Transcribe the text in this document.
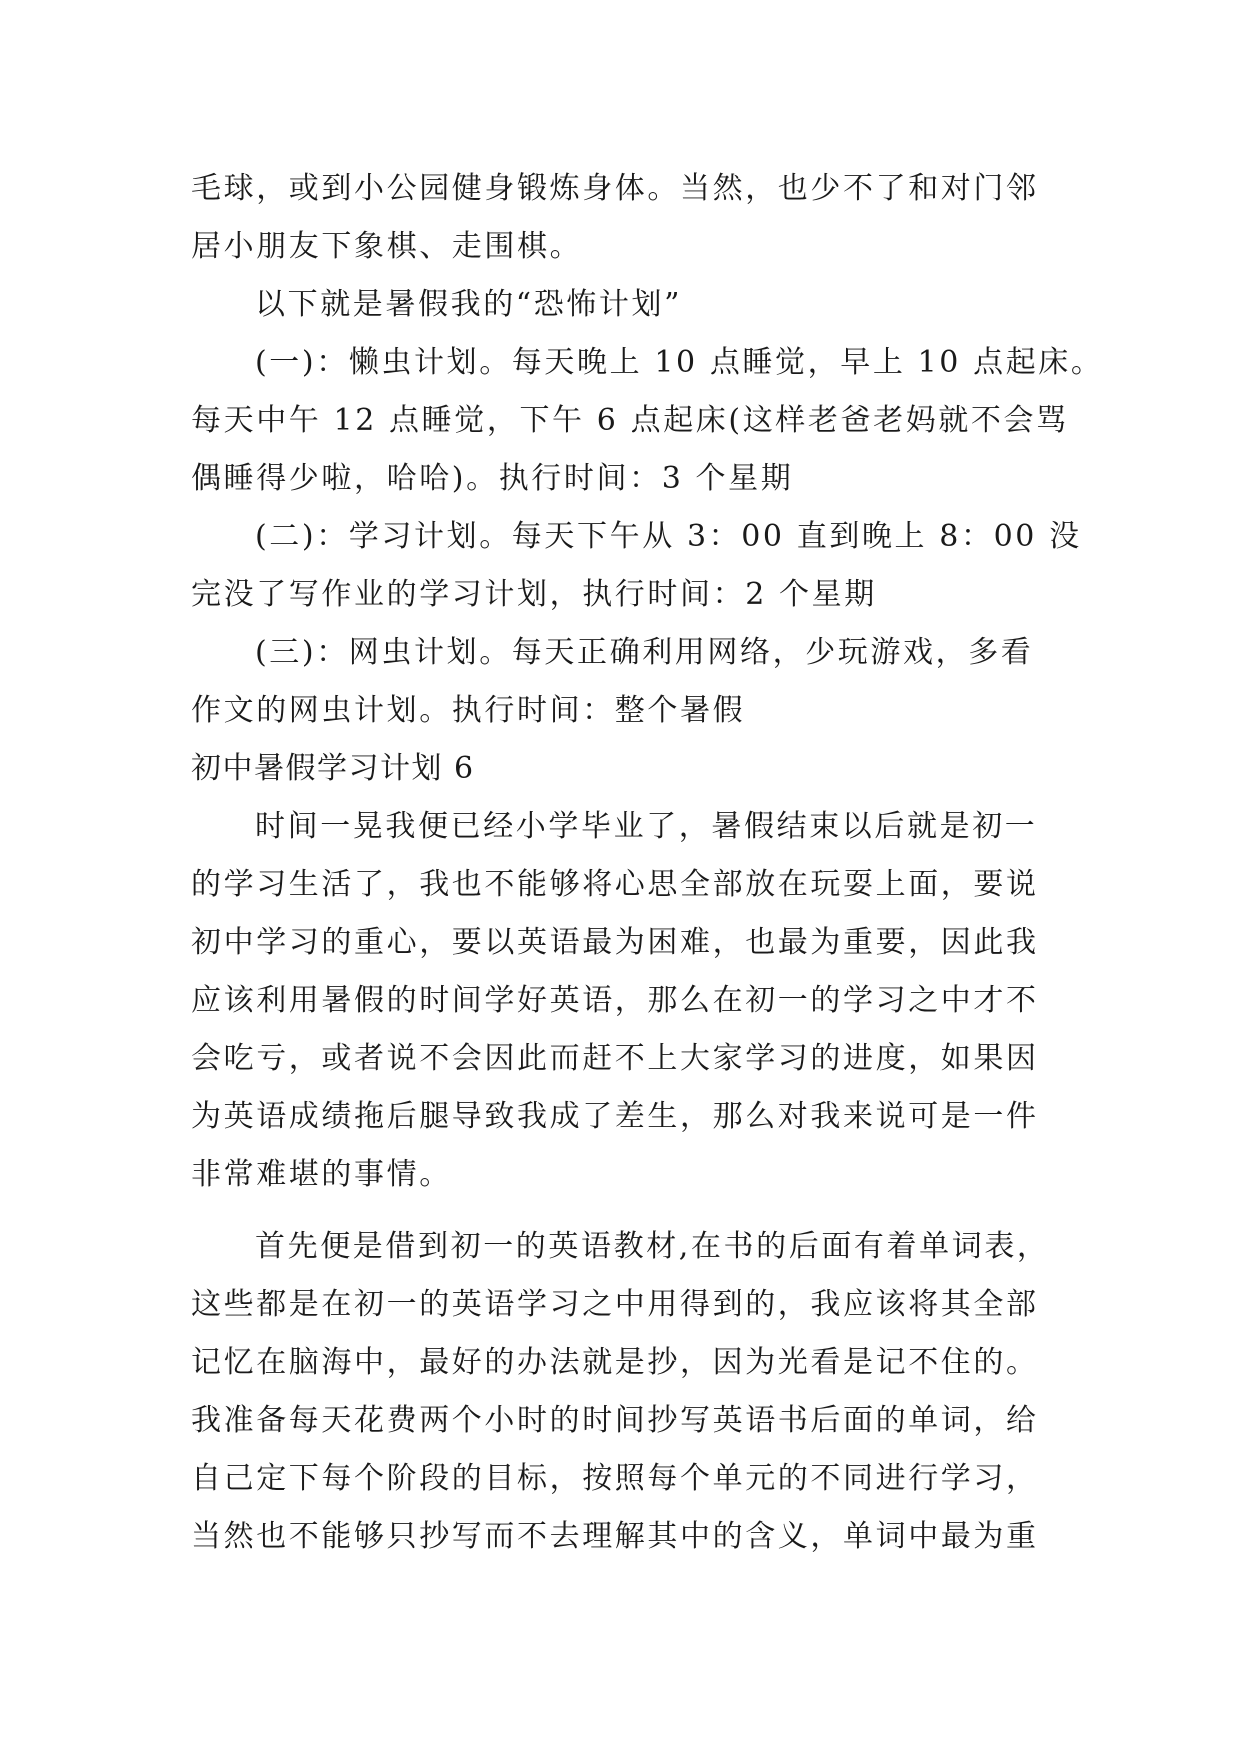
毛球，或到小公园健身锻炼身体。当然，也少不了和对门邻
居小朋友下象棋、走围棋。
以下就是暑假我的“恐怖计划”
(一)：懒虫计划。每天晚上 10 点睡觉，早上 10 点起床。
每天中午 12 点睡觉，下午 6 点起床(这样老爸老妈就不会骂
偶睡得少啦，哈哈)。执行时间：3 个星期
(二)：学习计划。每天下午从 3：00 直到晚上 8：00 没
完没了写作业的学习计划，执行时间：2 个星期
(三)：网虫计划。每天正确利用网络，少玩游戏，多看
作文的网虫计划。执行时间：整个暑假
初中暑假学习计划 6
时间一晃我便已经小学毕业了，暑假结束以后就是初一
的学习生活了，我也不能够将心思全部放在玩耍上面，要说
初中学习的重心，要以英语最为困难，也最为重要，因此我
应该利用暑假的时间学好英语，那么在初一的学习之中才不
会吃亏，或者说不会因此而赶不上大家学习的进度，如果因
为英语成绩拖后腿导致我成了差生，那么对我来说可是一件
非常难堪的事情。
首先便是借到初一的英语教材,在书的后面有着单词表，
这些都是在初一的英语学习之中用得到的，我应该将其全部
记忆在脑海中，最好的办法就是抄，因为光看是记不住的。
我准备每天花费两个小时的时间抄写英语书后面的单词，给
自己定下每个阶段的目标，按照每个单元的不同进行学习，
当然也不能够只抄写而不去理解其中的含义，单词中最为重
